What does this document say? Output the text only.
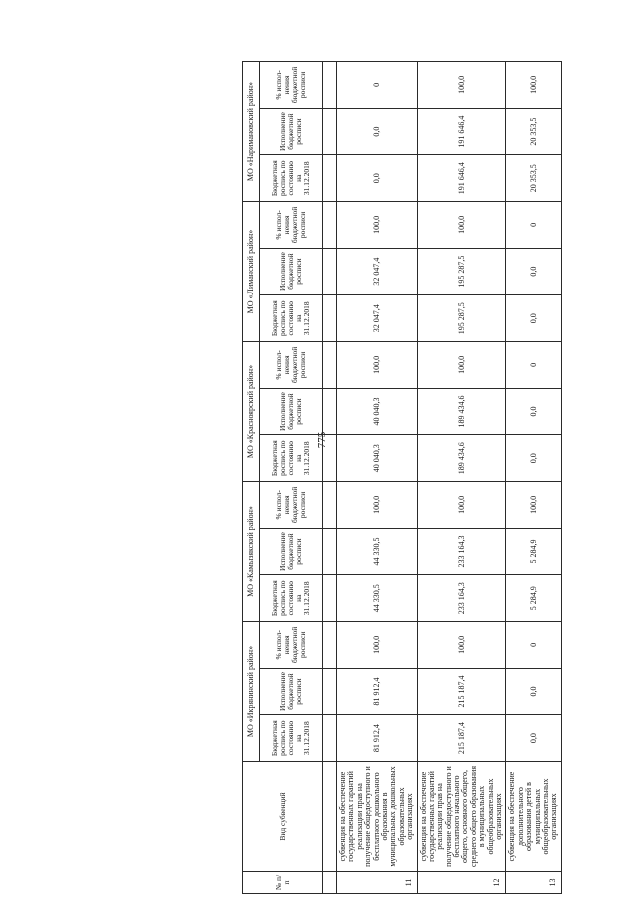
775
№ п/п	Вид субвенций	МО «Икрянинский район»			МО «Камызякский район»			МО «Красноярский район»			МО «Лиманский район»			МО «Наримановский район»		
		Бюджетная роспись по состоянию на 31.12.2018	Исполнение бюджетной росписи	% испол-нения бюджетной росписи	Бюджетная роспись по состоянию на 31.12.2018	Исполнение бюджетной росписи	% испол-нения бюджетной росписи	Бюджетная роспись по состоянию на 31.12.2018	Исполнение бюджетной росписи	% испол-нения бюджетной росписи	Бюджетная роспись по состоянию на 31.12.2018	Исполнение бюджетной росписи	% испол-нения бюджетной росписи	Бюджетная роспись по состоянию на 31.12.2018	Исполнение бюджетной росписи	% испол-нения бюджетной росписи

11	субвенция на обеспечение государственных гарантий реализации прав на получение общедоступного и бесплатного дошкольного образования в муниципальных дошкольных образовательных организациях	81 912,4	81 912,4	100,0	44 330,5	44 330,5	100,0	40 040,3	40 040,3	100,0	32 047,4	32 047,4	100,0	0,0	0,0	0
12	субвенция на обеспечение государственных гарантий реализации прав на получение общедоступного и бесплатного начального общего, основного общего, среднего общего образования в муниципальных общеобразовательных организациях	215 187,4	215 187,4	100,0	233 164,3	233 164,3	100,0	189 434,6	189 434,6	100,0	195 287,5	195 287,5	100,0	191 646,4	191 646,4	100,0
13	субвенция на обеспечение дополнительного образования детей в муниципальных общеобразовательных организациях	0,0	0,0	0	5 284,9	5 284,9	100,0	0,0	0,0	0	0,0	0,0	0	20 353,5	20 353,5	100,0
